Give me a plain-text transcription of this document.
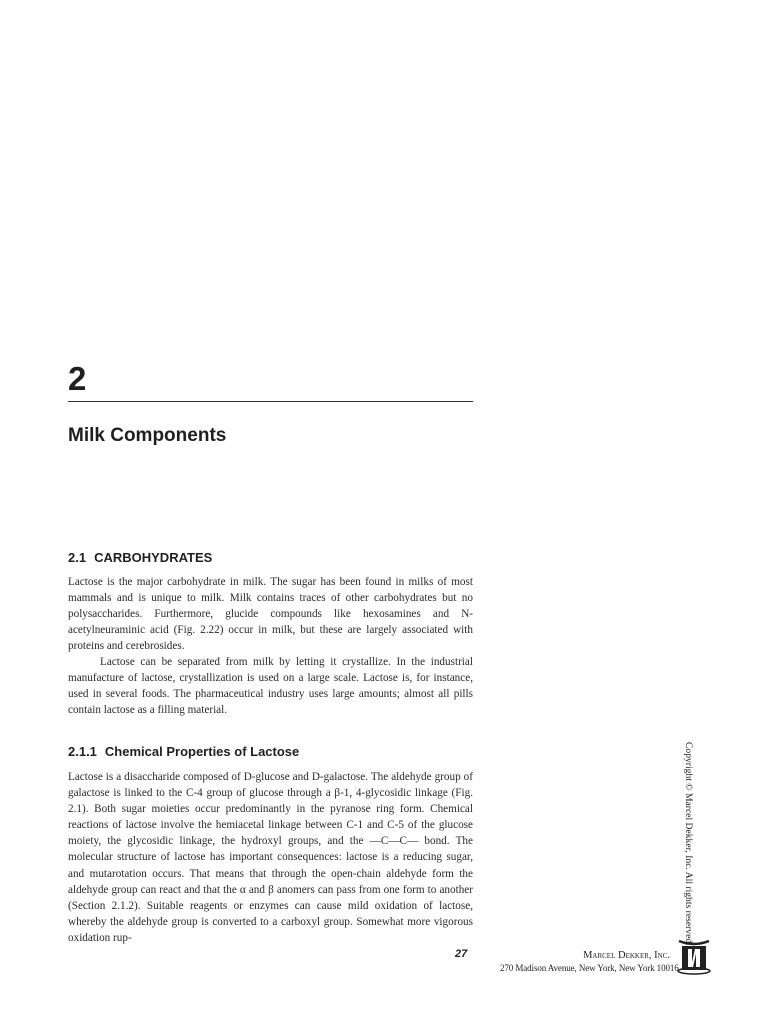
2
Milk Components
2.1 CARBOHYDRATES

Lactose is the major carbohydrate in milk. The sugar has been found in milks of most mammals and is unique to milk. Milk contains traces of other carbohydrates but no polysaccharides. Furthermore, glucide compounds like hexosamines and N-acetylneuraminic acid (Fig. 2.22) occur in milk, but these are largely associated with proteins and cerebrosides.

Lactose can be separated from milk by letting it crystallize. In the industrial manufacture of lactose, crystallization is used on a large scale. Lactose is, for instance, used in several foods. The pharmaceutical industry uses large amounts; almost all pills contain lactose as a filling material.

2.1.1 Chemical Properties of Lactose

Lactose is a disaccharide composed of D-glucose and D-galactose. The aldehyde group of galactose is linked to the C-4 group of glucose through a β-1, 4-glycosidic linkage (Fig. 2.1). Both sugar moieties occur predominantly in the pyranose ring form. Chemical reactions of lactose involve the hemiacetal linkage between C-1 and C-5 of the glucose moiety, the glycosidic linkage, the hydroxyl groups, and the —C—C— bond. The molecular structure of lactose has important consequences: lactose is a reducing sugar, and mutarotation occurs. That means that through the open-chain aldehyde form the aldehyde group can react and that the α and β anomers can pass from one form to another (Section 2.1.2). Suitable reagents or enzymes can cause mild oxidation of lactose, whereby the aldehyde group is converted to a carboxyl group. Somewhat more vigorous oxidation rup-

27	Marcel Dekker, Inc.
270 Madison Avenue, New York, New York 10016
Copyright © Marcel Dekker, Inc. All rights reserved.
